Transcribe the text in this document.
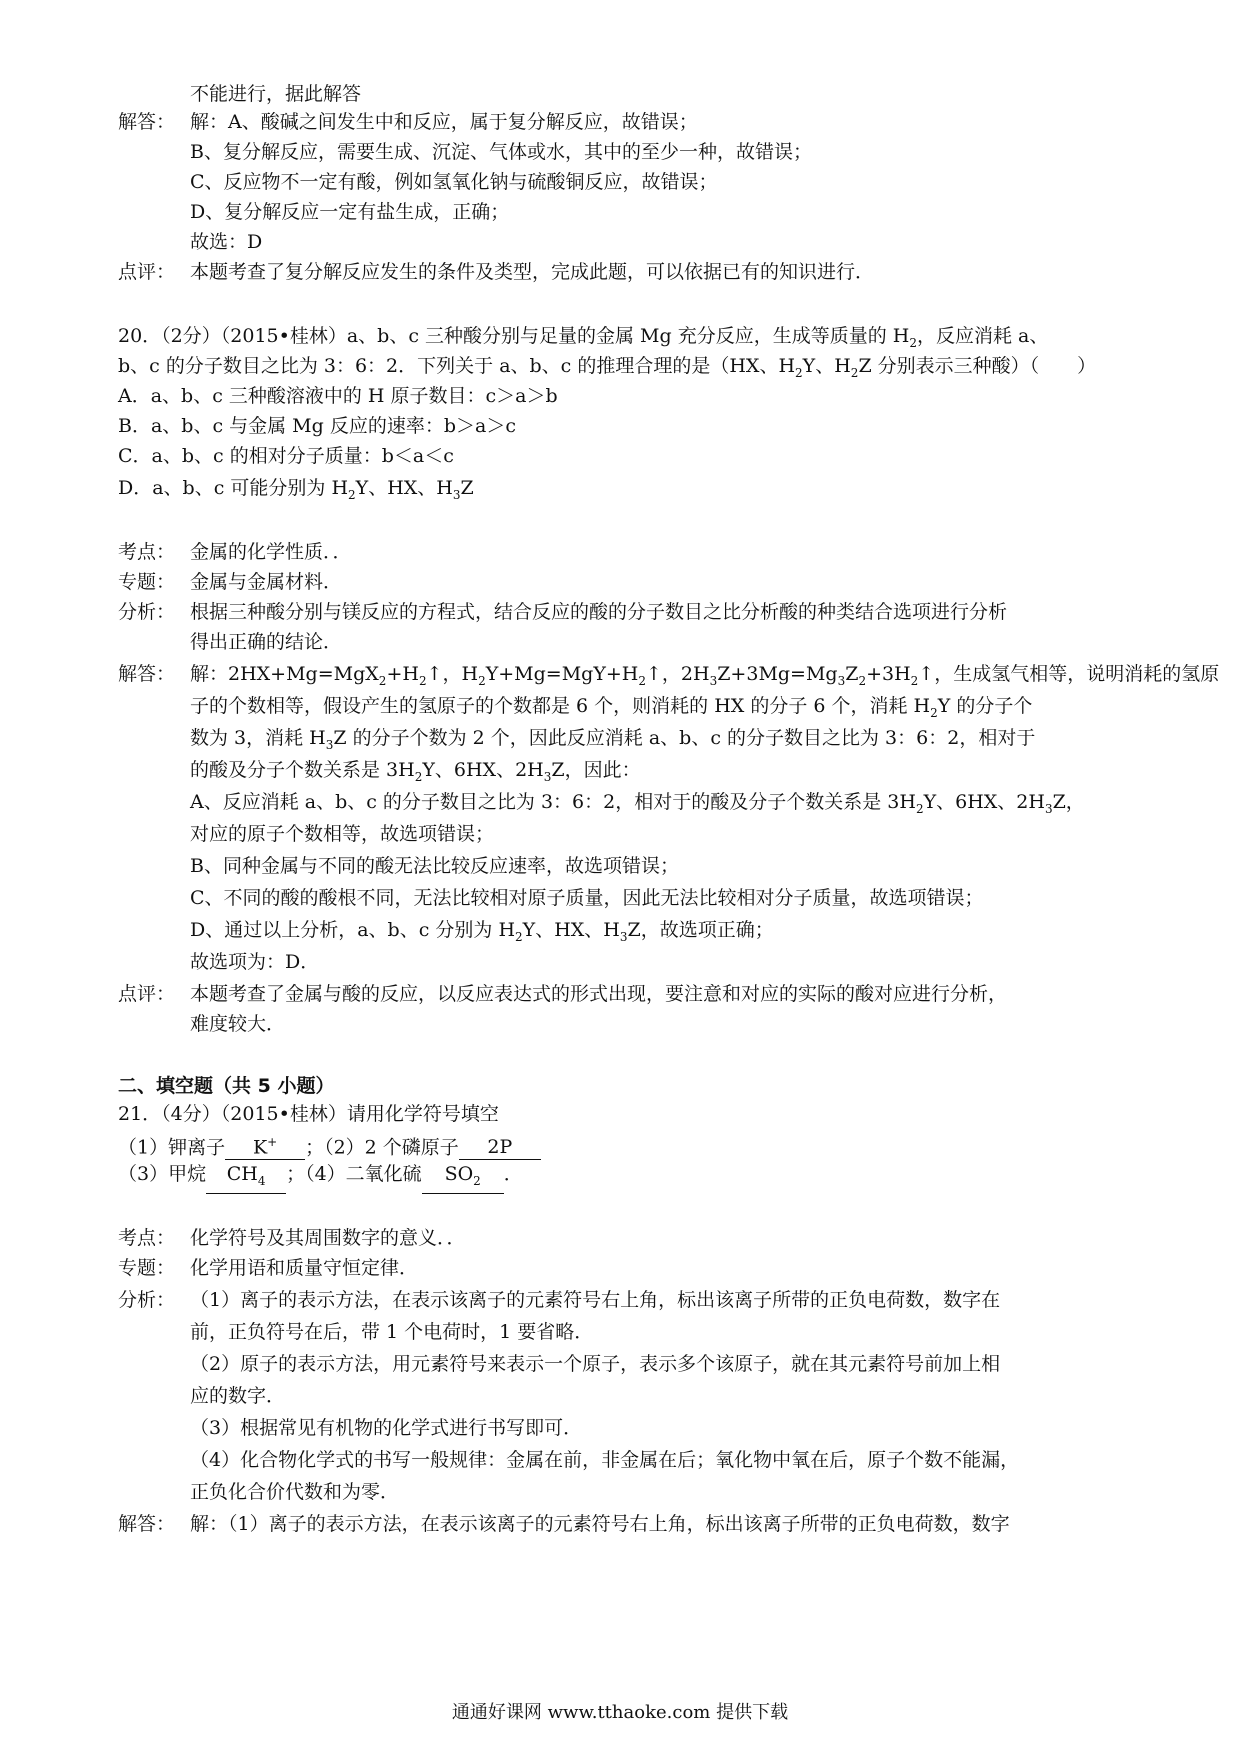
不能进行，据此解答
解答： 解：A、酸碱之间发生中和反应，属于复分解反应，故错误；
B、复分解反应，需要生成、沉淀、气体或水，其中的至少一种，故错误；
C、反应物不一定有酸，例如氢氧化钠与硫酸铜反应，故错误；
D、复分解反应一定有盐生成，正确；
故选：D
点评： 本题考查了复分解反应发生的条件及类型，完成此题，可以依据已有的知识进行．
20．（2分）（2015•桂林）a、b、c 三种酸分别与足量的金属 Mg 充分反应，生成等质量的 $H_2$，反应消耗 a、
b、c 的分子数目之比为 3：6：2．下列关于 a、b、c 的推理合理的是（HX、$H_2Y$、$H_2Z$ 分别表示三种酸）（　　）
A．a、b、c 三种酸溶液中的 H 原子数目：c＞a＞b
B．a、b、c 与金属 Mg 反应的速率：b＞a＞c
C．a、b、c 的相对分子质量：b＜a＜c
D．a、b、c 可能分别为 $H_2Y$、HX、$H_3Z$
考点： 金属的化学性质．．
专题： 金属与金属材料．
分析： 根据三种酸分别与镁反应的方程式，结合反应的酸的分子数目之比分析酸的种类结合选项进行分析
得出正确的结论．
解答： 解：$2HX+Mg=MgX_2+H_2↑$，$H_2Y+Mg=MgY+H_2↑$，$2H_3Z+3Mg=Mg_3Z_2+3H_2↑$，生成氢气相等，说明消耗的氢原
子的个数相等，假设产生的氢原子的个数都是 6 个，则消耗的 HX 的分子 6 个，消耗 $H_2Y$ 的分子个
数为 3，消耗 $H_3Z$ 的分子个数为 2 个，因此反应消耗 a、b、c 的分子数目之比为 3：6：2，相对于
的酸及分子个数关系是 $3H_2Y$、6HX、$2H_3Z$，因此：
A、反应消耗 a、b、c 的分子数目之比为 3：6：2，相对于的酸及分子个数关系是 $3H_2Y$、6HX、$2H_3Z$，
对应的原子个数相等，故选项错误；
B、同种金属与不同的酸无法比较反应速率，故选项错误；
C、不同的酸的酸根不同，无法比较相对原子质量，因此无法比较相对分子质量，故选项错误；
D、通过以上分析，a、b、c 分别为 $H_2Y$、HX、$H_3Z$，故选项正确；
故选项为：D．
点评： 本题考查了金属与酸的反应，以反应表达式的形式出现，要注意和对应的实际的酸对应进行分析，
难度较大．
二、填空题（共 5 小题）
21．（4分）（2015•桂林）请用化学符号填空
（1）钾离子 K+ ；（2）2 个磷原子 2P
（3）甲烷 $CH_4$ ；（4）二氧化硫 $SO_2$ ．
考点： 化学符号及其周围数字的意义．．
专题： 化学用语和质量守恒定律．
分析： （1）离子的表示方法，在表示该离子的元素符号右上角，标出该离子所带的正负电荷数，数字在
前，正负符号在后，带 1 个电荷时，1 要省略．
（2）原子的表示方法，用元素符号来表示一个原子，表示多个该原子，就在其元素符号前加上相
应的数字．
（3）根据常见有机物的化学式进行书写即可．
（4）化合物化学式的书写一般规律：金属在前，非金属在后；氧化物中氧在后，原子个数不能漏，
正负化合价代数和为零．
解答： 解：（1）离子的表示方法，在表示该离子的元素符号右上角，标出该离子所带的正负电荷数，数字
通通好课网 www.tthaoke.com 提供下载
